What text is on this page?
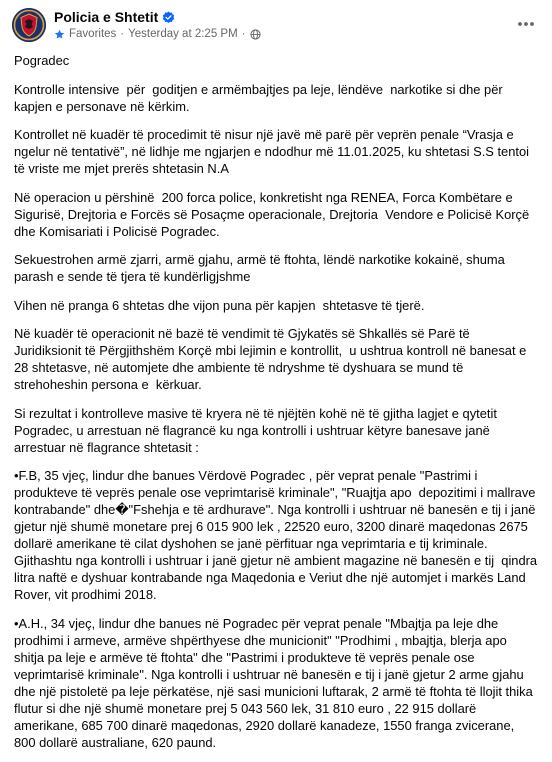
Policia e Shtetit
Favorites · Yesterday at 2:25 PM ·

Pogradec

Kontrolle intensive  për  goditjen e armëmbajtjes pa leje, lëndëve  narkotike si dhe për kapjen e personave në kërkim.

Kontrollet në kuadër të procedimit të nisur një javë më parë për veprën penale “Vrasja e ngelur në tentativë”, në lidhje me ngjarjen e ndodhur më 11.01.2025, ku shtetasi S.S tentoi të vriste me mjet prerës shtetasin N.A

Në operacion u përshinë  200 forca police, konkretisht nga RENEA, Forca Kombëtare e Sigurisë, Drejtoria e Forcës së Posaçme operacionale, Drejtoria  Vendore e Policisë Korçë dhe Komisariati i Policisë Pogradec.

Sekuestrohen armë zjarri, armë gjahu, armë të ftohta, lëndë narkotike kokainë, shuma parash e sende të tjera të kundërligjshme

Vihen në pranga 6 shtetas dhe vijon puna për kapjen  shtetasve të tjerë.

Në kuadër të operacionit në bazë të vendimit të Gjykatës së Shkallës së Parë të Juridiksionit të Përgjithshëm Korçë mbi lejimin e kontrollit,  u ushtrua kontroll në banesat e 28 shtetasve, në automjete dhe ambiente të ndryshme të dyshuara se mund të strehoheshin persona e  kërkuar.

Si rezultat i kontrolleve masive të kryera në të njëjtën kohë në të gjitha lagjet e qytetit Pogradec, u arrestuan në flagrancë ku nga kontrolli i ushtruar këtyre banesave janë arrestuar në flagrance shtetasit :

•F.B, 35 vjeç, lindur dhe banues Vërdovë Pogradec , për veprat penale "Pastrimi i produkteve të veprës penale ose veprimtarisë kriminale", "Ruajtja apo  depozitimi i mallrave kontrabande" dhe�"Fshehja e të ardhurave". Nga kontrolli i ushtruar në banesën e tij i janë gjetur një shumë monetare prej 6 015 900 lek , 22520 euro, 3200 dinarë maqedonas 2675 dollarë amerikane të cilat dyshohen se janë përfituar nga veprimtaria e tij kriminale. Gjithashtu nga kontrolli i ushtruar i janë gjetur në ambient magazine në banesën e tij  qindra litra naftë e dyshuar kontrabande nga Maqedonia e Veriut dhe një automjet i markës Land Rover, vit prodhimi 2018.

•A.H., 34 vjeç, lindur dhe banues në Pogradec për veprat penale "Mbajtja pa leje dhe prodhimi i armeve, armëve shpërthyese dhe municionit" "Prodhimi , mbajtja, blerja apo shitja pa leje e armëve të ftohta" dhe "Pastrimi i produkteve të veprës penale ose veprimtarisë kriminale". Nga kontrolli i ushtruar në banesën e tij i janë gjetur 2 arme gjahu dhe një pistoletë pa leje përkatëse, një sasi municioni luftarak, 2 armë të ftohta të llojit thika flutur si dhe një shumë monetare prej 5 043 560 lek, 31 810 euro , 22 915 dollarë amerikane, 685 700 dinarë maqedonas, 2920 dollarë kanadeze, 1550 franga zvicerane, 800 dollarë australiane, 620 paund.
